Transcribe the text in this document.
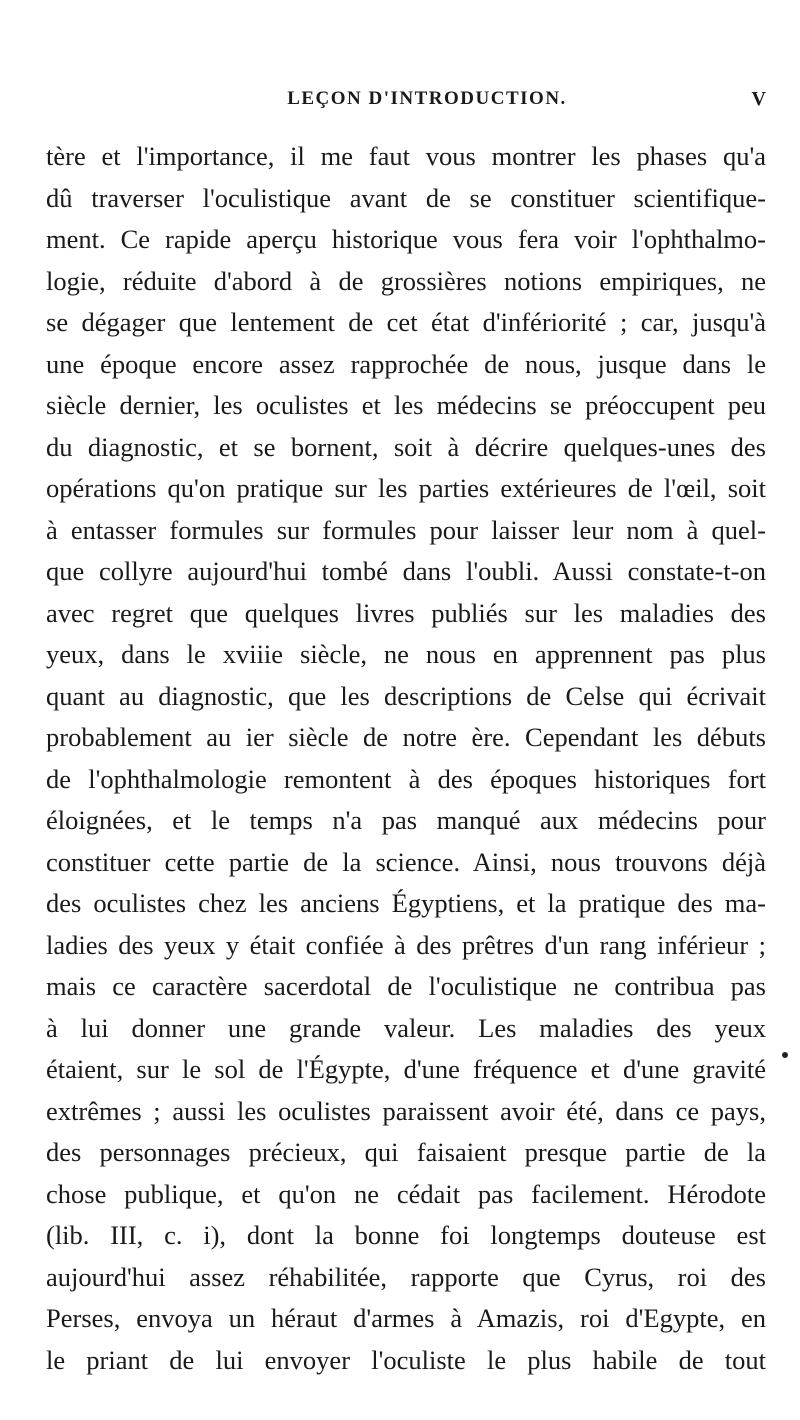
LEÇON D'INTRODUCTION.	V
tère et l'importance, il me faut vous montrer les phases qu'a
dû traverser l'oculistique avant de se constituer scientifique-
ment. Ce rapide aperçu historique vous fera voir l'ophthalmo-
logie, réduite d'abord à de grossières notions empiriques, ne
se dégager que lentement de cet état d'infériorité ; car, jusqu'à
une époque encore assez rapprochée de nous, jusque dans le
siècle dernier, les oculistes et les médecins se préoccupent peu
du diagnostic, et se bornent, soit à décrire quelques-unes des
opérations qu'on pratique sur les parties extérieures de l'œil, soit
à entasser formules sur formules pour laisser leur nom à quel-
que collyre aujourd'hui tombé dans l'oubli. Aussi constate-t-on
avec regret que quelques livres publiés sur les maladies des
yeux, dans le xviiie siècle, ne nous en apprennent pas plus
quant au diagnostic, que les descriptions de Celse qui écrivait
probablement au ier siècle de notre ère. Cependant les débuts
de l'ophthalmologie remontent à des époques historiques fort
éloignées, et le temps n'a pas manqué aux médecins pour
constituer cette partie de la science. Ainsi, nous trouvons déjà
des oculistes chez les anciens Égyptiens, et la pratique des ma-
ladies des yeux y était confiée à des prêtres d'un rang inférieur ;
mais ce caractère sacerdotal de l'oculistique ne contribua pas
à lui donner une grande valeur. Les maladies des yeux
étaient, sur le sol de l'Égypte, d'une fréquence et d'une gravité
extrêmes ; aussi les oculistes paraissent avoir été, dans ce pays,
des personnages précieux, qui faisaient presque partie de la
chose publique, et qu'on ne cédait pas facilement. Hérodote
(lib. III, c. i), dont la bonne foi longtemps douteuse est
aujourd'hui assez réhabilitée, rapporte que Cyrus, roi des
Perses, envoya un héraut d'armes à Amazis, roi d'Egypte, en
le priant de lui envoyer l'oculiste le plus habile de tout
